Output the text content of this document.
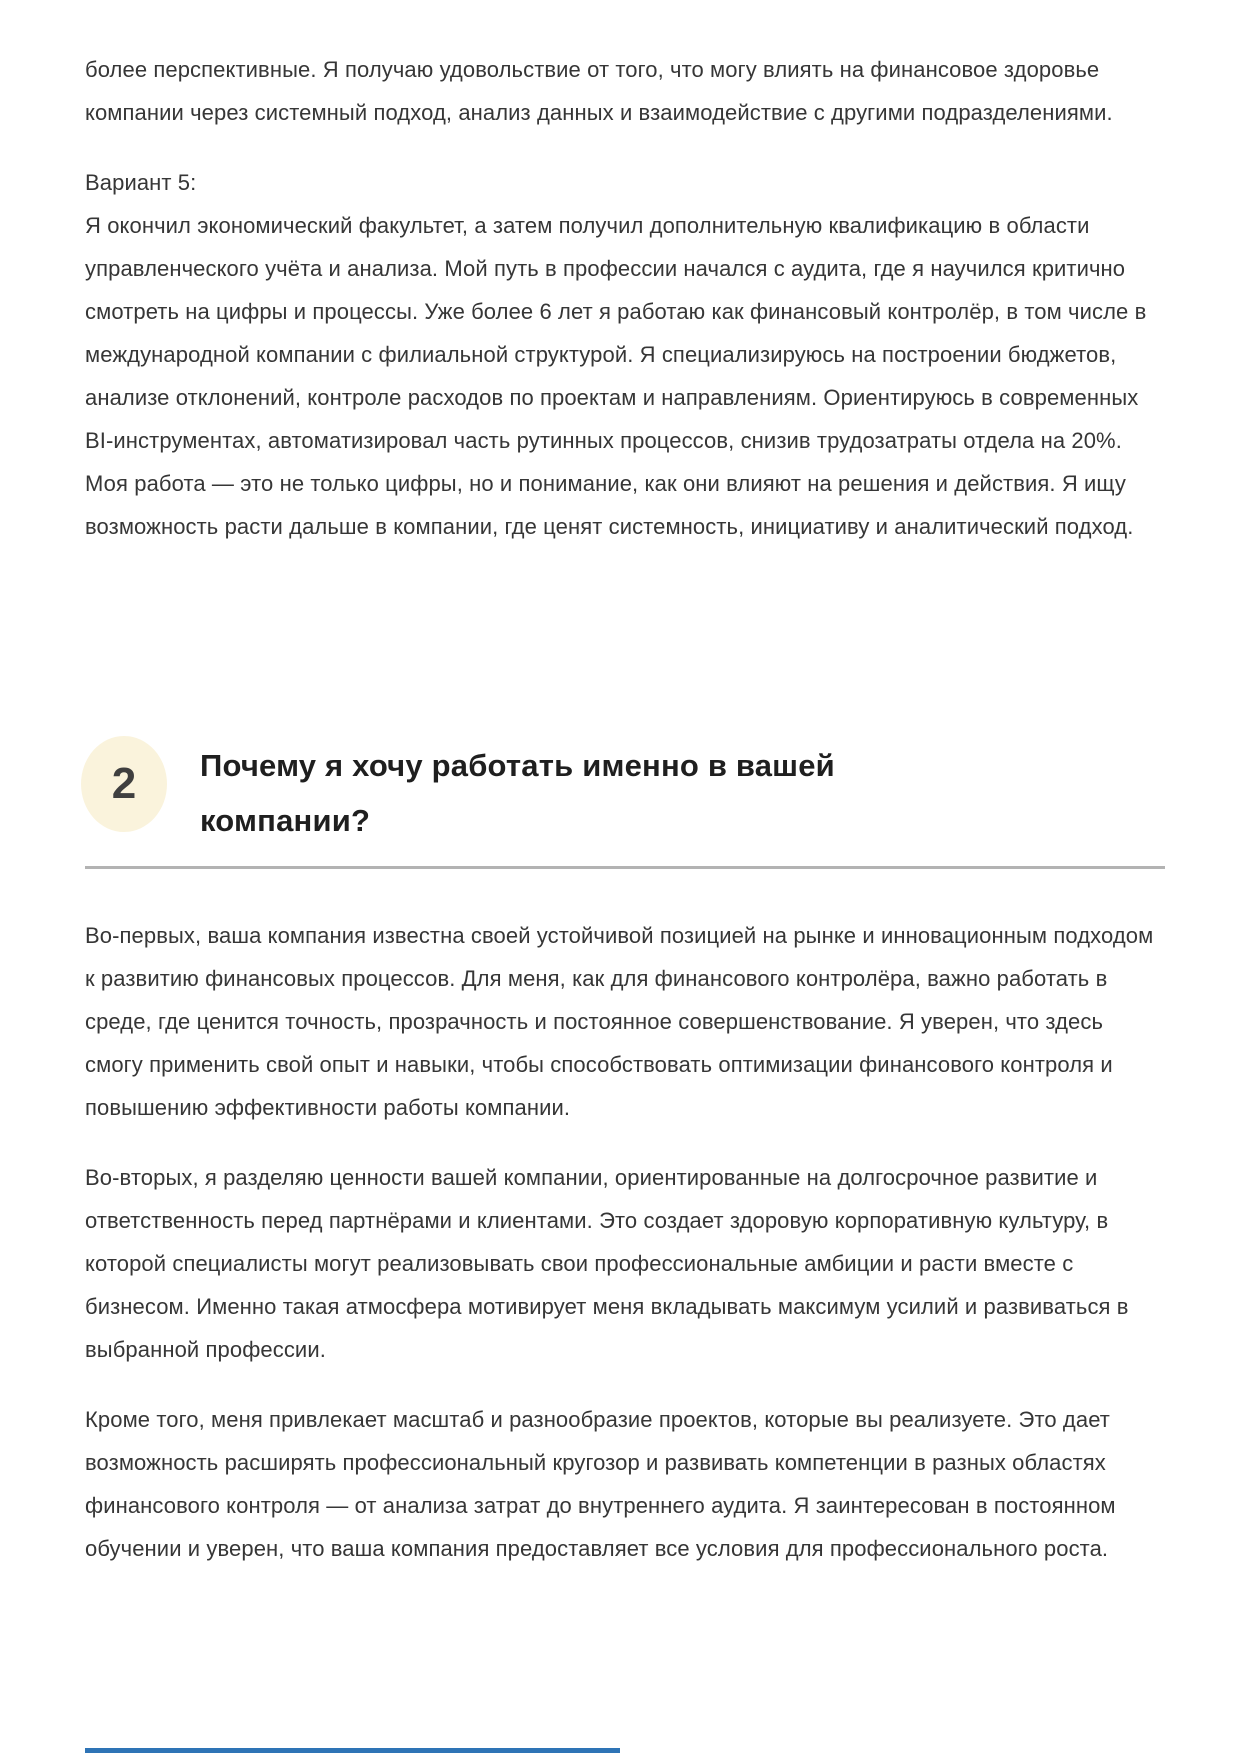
более перспективные. Я получаю удовольствие от того, что могу влиять на финансовое здоровье компании через системный подход, анализ данных и взаимодействие с другими подразделениями.

Вариант 5:
Я окончил экономический факультет, а затем получил дополнительную квалификацию в области управленческого учёта и анализа. Мой путь в профессии начался с аудита, где я научился критично смотреть на цифры и процессы. Уже более 6 лет я работаю как финансовый контролёр, в том числе в международной компании с филиальной структурой. Я специализируюсь на построении бюджетов, анализе отклонений, контроле расходов по проектам и направлениям. Ориентируюсь в современных BI-инструментах, автоматизировал часть рутинных процессов, снизив трудозатраты отдела на 20%. Моя работа — это не только цифры, но и понимание, как они влияют на решения и действия. Я ищу возможность расти дальше в компании, где ценят системность, инициативу и аналитический подход.

2 Почему я хочу работать именно в вашей компании?

Во-первых, ваша компания известна своей устойчивой позицией на рынке и инновационным подходом к развитию финансовых процессов. Для меня, как для финансового контролёра, важно работать в среде, где ценится точность, прозрачность и постоянное совершенствование. Я уверен, что здесь смогу применить свой опыт и навыки, чтобы способствовать оптимизации финансового контроля и повышению эффективности работы компании.

Во-вторых, я разделяю ценности вашей компании, ориентированные на долгосрочное развитие и ответственность перед партнёрами и клиентами. Это создает здоровую корпоративную культуру, в которой специалисты могут реализовывать свои профессиональные амбиции и расти вместе с бизнесом. Именно такая атмосфера мотивирует меня вкладывать максимум усилий и развиваться в выбранной профессии.

Кроме того, меня привлекает масштаб и разнообразие проектов, которые вы реализуете. Это дает возможность расширять профессиональный кругозор и развивать компетенции в разных областях финансового контроля — от анализа затрат до внутреннего аудита. Я заинтересован в постоянном обучении и уверен, что ваша компания предоставляет все условия для профессионального роста.
